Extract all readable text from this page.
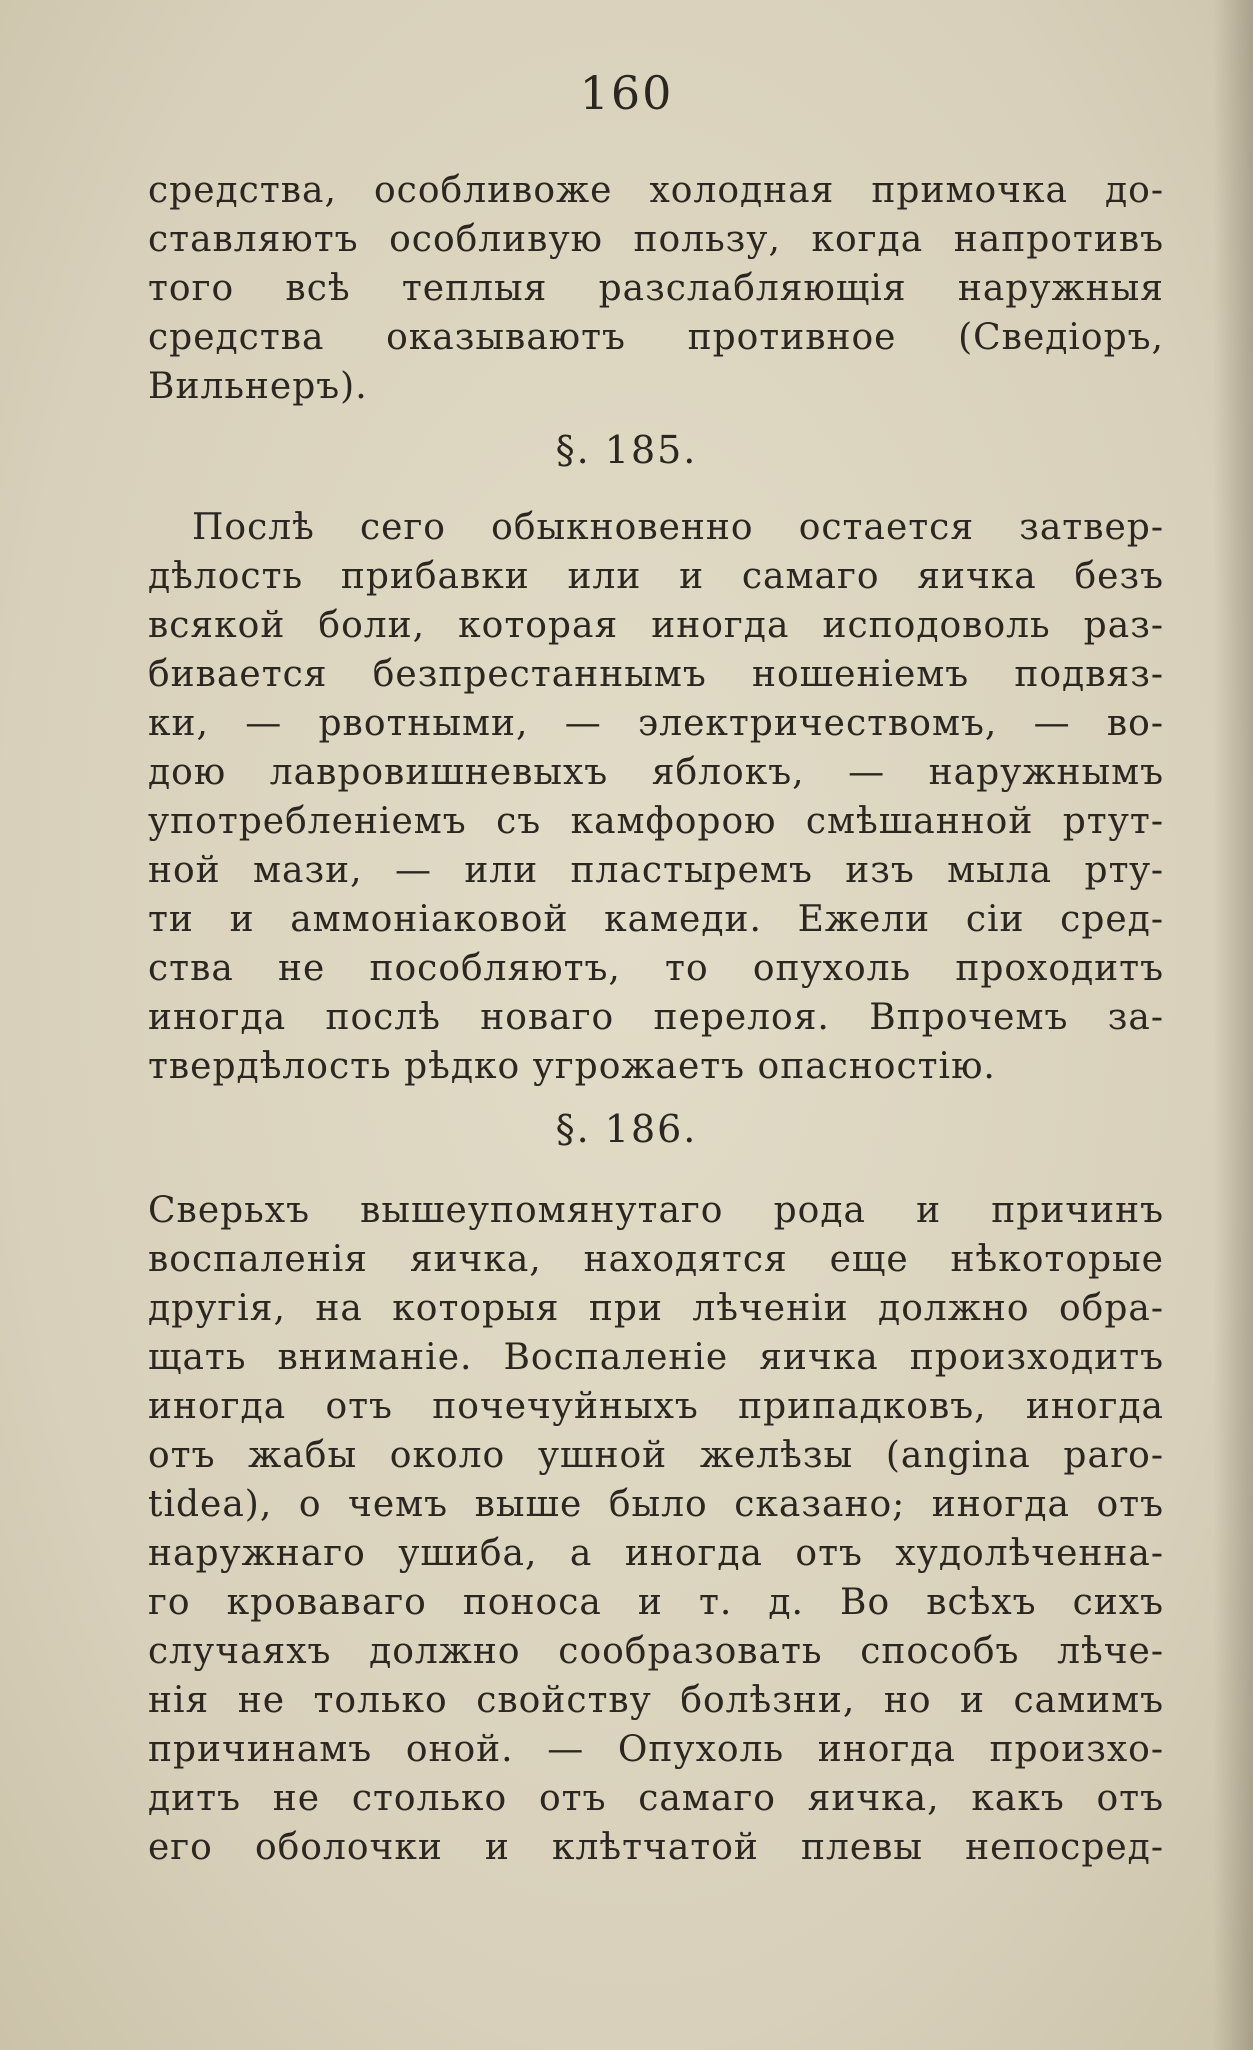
160
средства, особливоже холодная примочка до-
ставляютъ особливую пользу, когда напротивъ
того всѣ теплыя разслабляющія наружныя
средства оказываютъ противное (Сведіоръ,
Вильнеръ).
§. 185.
Послѣ сего обыкновенно остается затвер-
дѣлость прибавки или и самаго яичка безъ
всякой боли, которая иногда исподоволь раз-
бивается безпрестаннымъ ношеніемъ подвяз-
ки, — рвотными, — электричествомъ, — во-
дою лавровишневыхъ яблокъ, — наружнымъ
употребленіемъ съ камфорою смѣшанной ртут-
ной мази, — или пластыремъ изъ мыла ртy-
ти и аммоніаковой камеди. Ежели сіи сред-
ства не пособляютъ, то опухоль проходитъ
иногда послѣ новаго перелоя. Впрочемъ за-
твердѣлость рѣдко угрожаетъ опасностію.
§. 186.
Сверьхъ вышеупомянутаго рода и причинъ
воспаленія яичка, находятся еще нѣкоторые
другія, на которыя при лѣченіи должно обра-
щать вниманіе. Воспаленіе яичка произходитъ
иногда отъ почечуйныхъ припадковъ, иногда
отъ жабы около ушной желѣзы (angina paro-
tidea), о чемъ выше было сказано; иногда отъ
наружнаго ушиба, а иногда отъ худолѣченна-
го кроваваго поноса и т. д. Во всѣхъ сихъ
случаяхъ должно сообразовать способъ лѣче-
нія не только свойству болѣзни, но и самимъ
причинамъ оной. — Опухоль иногда произхо-
дитъ не столько отъ самаго яичка, какъ отъ
его оболочки и клѣтчатой плевы непосред-
